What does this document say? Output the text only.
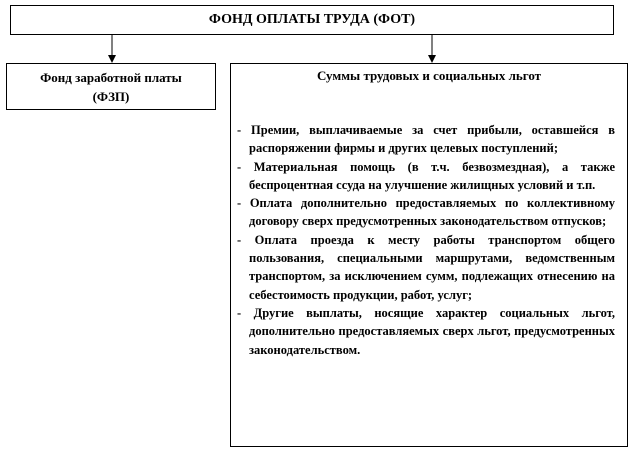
ФОНД ОПЛАТЫ ТРУДА (ФОТ)
Фонд заработной платы
(ФЗП)
Суммы трудовых и социальных льгот
- Премии, выплачиваемые за счет прибыли, оставшейся в распоряжении фирмы и других целевых поступлений;
- Материальная помощь (в т.ч. безвозмездная), а также беспроцентная ссуда на улучшение жилищных условий и т.п.
- Оплата дополнительно предоставляемых по коллективному договору сверх предусмотренных законодательством отпусков;
- Оплата проезда к месту работы транспортом общего пользования, специальными маршрутами, ведомственным транспортом, за исключением сумм, подлежащих отнесению на себестоимость продукции, работ, услуг;
- Другие выплаты, носящие характер социальных льгот, дополнительно предоставляемых сверх льгот, предусмотренных законодательством.
